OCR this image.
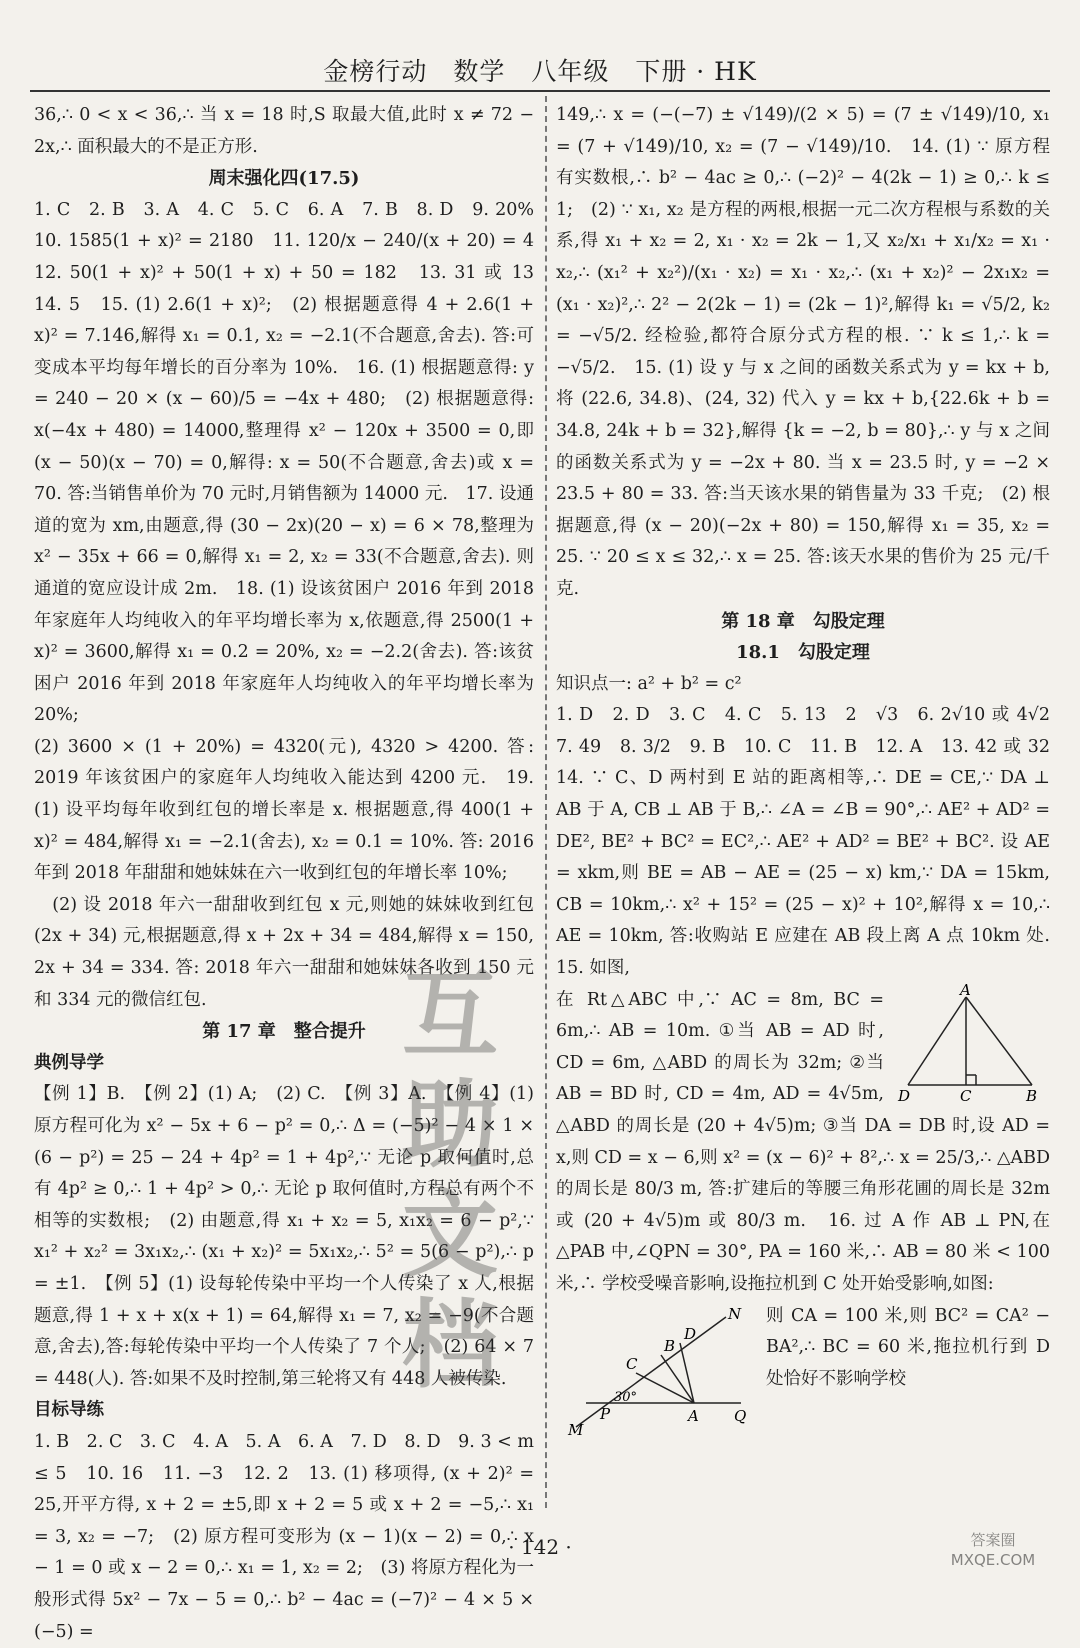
金榜行动　数学　八年级　下册 · HK

36,∴ 0 < x < 36,∴ 当 x = 18 时,S 取最大值,此时 x ≠ 72 − 2x,∴ 面积最大的不是正方形.

周末强化四(17.5)

1. C　2. B　3. A　4. C　5. C　6. A　7. B　8. D　9. 20%　10. 1585(1 + x)² = 2180　11. 120/x − 240/(x + 20) = 4　12. 50(1 + x)² + 50(1 + x) + 50 = 182　13. 31 或 13　14. 5　15. (1) 2.6(1 + x)²;　(2) 根据题意得 4 + 2.6(1 + x)² = 7.146,解得 x₁ = 0.1, x₂ = −2.1(不合题意,舍去). 答:可变成本平均每年增长的百分率为 10%.　16. (1) 根据题意得: y = 240 − 20 × (x − 60)/5 = −4x + 480;　(2) 根据题意得: x(−4x + 480) = 14000,整理得 x² − 120x + 3500 = 0,即 (x − 50)(x − 70) = 0,解得: x = 50(不合题意,舍去)或 x = 70. 答:当销售单价为 70 元时,月销售额为 14000 元.　17. 设通道的宽为 xm,由题意,得 (30 − 2x)(20 − x) = 6 × 78,整理为 x² − 35x + 66 = 0,解得 x₁ = 2, x₂ = 33(不合题意,舍去). 则通道的宽应设计成 2m.　18. (1) 设该贫困户 2016 年到 2018 年家庭年人均纯收入的年平均增长率为 x,依题意,得 2500(1 + x)² = 3600,解得 x₁ = 0.2 = 20%, x₂ = −2.2(舍去). 答:该贫困户 2016 年到 2018 年家庭年人均纯收入的年平均增长率为 20%;

(2) 3600 × (1 + 20%) = 4320(元), 4320 > 4200. 答: 2019 年该贫困户的家庭年人均纯收入能达到 4200 元.　19. (1) 设平均每年收到红包的增长率是 x. 根据题意,得 400(1 + x)² = 484,解得 x₁ = −2.1(舍去), x₂ = 0.1 = 10%. 答: 2016 年到 2018 年甜甜和她妹妹在六一收到红包的年增长率 10%;

　(2) 设 2018 年六一甜甜收到红包 x 元,则她的妹妹收到红包 (2x + 34) 元,根据题意,得 x + 2x + 34 = 484,解得 x = 150, 2x + 34 = 334. 答: 2018 年六一甜甜和她妹妹各收到 150 元和 334 元的微信红包.

第 17 章　整合提升

典例导学

【例 1】B.　【例 2】(1) A;　(2) C.　【例 3】A.　【例 4】(1) 原方程可化为 x² − 5x + 6 − p² = 0,∴ Δ = (−5)² − 4 × 1 × (6 − p²) = 25 − 24 + 4p² = 1 + 4p²,∵ 无论 p 取何值时,总有 4p² ≥ 0,∴ 1 + 4p² > 0,∴ 无论 p 取何值时,方程总有两个不相等的实数根;　(2) 由题意,得 x₁ + x₂ = 5, x₁x₂ = 6 − p²,∵ x₁² + x₂² = 3x₁x₂,∴ (x₁ + x₂)² = 5x₁x₂,∴ 5² = 5(6 − p²),∴ p = ±1.　【例 5】(1) 设每轮传染中平均一个人传染了 x 人,根据题意,得 1 + x + x(x + 1) = 64,解得 x₁ = 7, x₂ = −9(不合题意,舍去),答:每轮传染中平均一个人传染了 7 个人;　(2) 64 × 7 = 448(人). 答:如果不及时控制,第三轮将又有 448 人被传染.

目标导练

1. B　2. C　3. C　4. A　5. A　6. A　7. D　8. D　9. 3 < m ≤ 5　10. 16　11. −3　12. 2　13. (1) 移项得, (x + 2)² = 25,开平方得, x + 2 = ±5,即 x + 2 = 5 或 x + 2 = −5,∴ x₁ = 3, x₂ = −7;　(2) 原方程可变形为 (x − 1)(x − 2) = 0,∴ x − 1 = 0 或 x − 2 = 0,∴ x₁ = 1, x₂ = 2;　(3) 将原方程化为一般形式得 5x² − 7x − 5 = 0,∴ b² − 4ac = (−7)² − 4 × 5 × (−5) =

149,∴ x = (−(−7) ± √149)/(2 × 5) = (7 ± √149)/10, x₁ = (7 + √149)/10, x₂ = (7 − √149)/10.　14. (1) ∵ 原方程有实数根,∴ b² − 4ac ≥ 0,∴ (−2)² − 4(2k − 1) ≥ 0,∴ k ≤ 1;　(2) ∵ x₁, x₂ 是方程的两根,根据一元二次方程根与系数的关系,得 x₁ + x₂ = 2, x₁ · x₂ = 2k − 1,又 x₂/x₁ + x₁/x₂ = x₁ · x₂,∴ (x₁² + x₂²)/(x₁ · x₂) = x₁ · x₂,∴ (x₁ + x₂)² − 2x₁x₂ = (x₁ · x₂)²,∴ 2² − 2(2k − 1) = (2k − 1)²,解得 k₁ = √5/2, k₂ = −√5/2. 经检验,都符合原分式方程的根. ∵ k ≤ 1,∴ k = −√5/2.　15. (1) 设 y 与 x 之间的函数关系式为 y = kx + b,将 (22.6, 34.8)、(24, 32) 代入 y = kx + b,{22.6k + b = 34.8, 24k + b = 32},解得 {k = −2, b = 80},∴ y 与 x 之间的函数关系式为 y = −2x + 80. 当 x = 23.5 时, y = −2 × 23.5 + 80 = 33. 答:当天该水果的销售量为 33 千克;　(2) 根据题意,得 (x − 20)(−2x + 80) = 150,解得 x₁ = 35, x₂ = 25. ∵ 20 ≤ x ≤ 32,∴ x = 25. 答:该天水果的售价为 25 元/千克.

第 18 章　勾股定理

18.1　勾股定理

知识点一: a² + b² = c²

1. D　2. D　3. C　4. C　5. 13　2　√3　6. 2√10 或 4√2　7. 49　8. 3/2　9. B　10. C　11. B　12. A　13. 42 或 32　14. ∵ C、D 两村到 E 站的距离相等,∴ DE = CE,∵ DA ⊥ AB 于 A, CB ⊥ AB 于 B,∴ ∠A = ∠B = 90°,∴ AE² + AD² = DE², BE² + BC² = EC²,∴ AE² + AD² = BE² + BC². 设 AE = xkm,则 BE = AB − AE = (25 − x) km,∵ DA = 15km, CB = 10km,∴ x² + 15² = (25 − x)² + 10²,解得 x = 10,∴ AE = 10km, 答:收购站 E 应建在 AB 段上离 A 点 10km 处.　15. 如图,

A
D	C	B

在 Rt△ABC 中,∵ AC = 8m, BC = 6m,∴ AB = 10m. ①当 AB = AD 时, CD = 6m, △ABD 的周长为 32m; ②当 AB = BD 时, CD = 4m, AD = 4√5m, △ABD 的周长是 (20 + 4√5)m; ③当 DA = DB 时,设 AD = x,则 CD = x − 6,则 x² = (x − 6)² + 8²,∴ x = 25/3,∴ △ABD 的周长是 80/3 m, 答:扩建后的等腰三角形花圃的周长是 32m 或 (20 + 4√5)m 或 80/3 m.　16. 过 A 作 AB ⊥ PN,在 △PAB 中,∠QPN = 30°, PA = 160 米,∴ AB = 80 米 < 100 米,∴ 学校受噪音影响,设拖拉机到 C 处开始受影响,如图:

N
D
B
C
30°
P	A Q
M

则 CA = 100 米,则 BC² = CA² − BA²,∴ BC = 60 米,拖拉机行到 D 处恰好不影响学校

· 142 ·
互助
文档
答案圈
MXQE.COM
